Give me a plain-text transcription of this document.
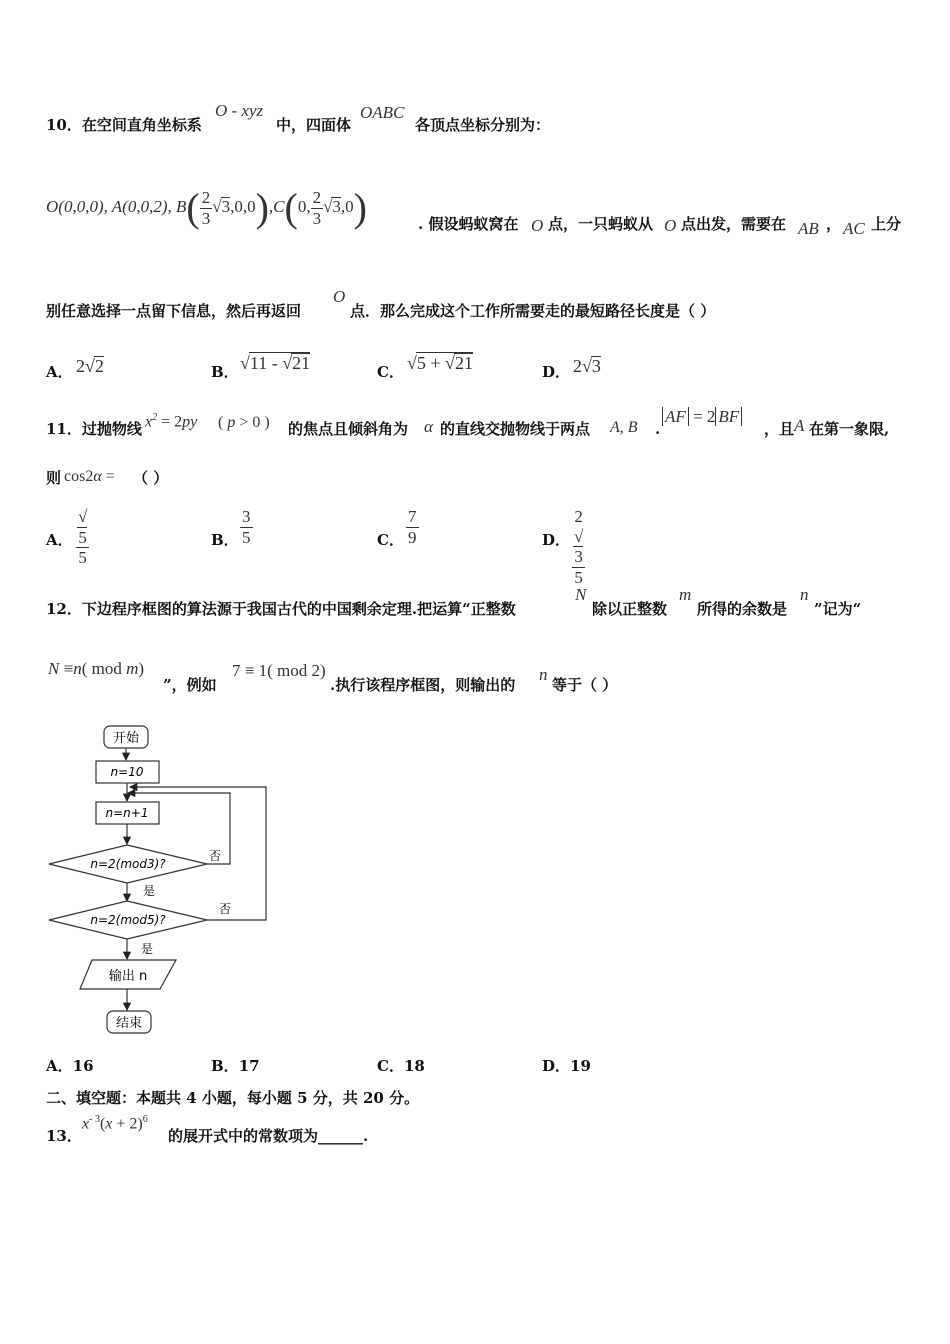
10．在空间直角坐标系
O - xyz
中，四面体
OABC
各顶点坐标分别为：
O(0,0,0), A(0,0,2), $B( \frac{2}{3} √3,0,0),C(0$, $\frac{2}{3} √3,0$)	. 假设蚂蚁窝在 O 点，一只蚂蚁从 O 点出发，需要在 AB ， AC 上分
别任意选择一点留下信息，然后再返回
O
点．那么完成这个工作所需要走的最短路径长度是（ ）
A． 2√2	B． √11 - √21	C． √5 + √21	D． 2√3
11．过抛物线 $x^2 = 2py$ ( p > 0 ) 的焦点且倾斜角为 α 的直线交抛物线于两点 A, B .
AF = 2 BF
，且 A 在第一象限,
则 cos2α = （ ）
A． √
5
5	B． $\frac{3}{5}$	C． $\frac{7}{9}$	D． 2
√
3
5
12．下边程序框图的算法源于我国古代的中国剩余定理.把运算“正整数
N
除以正整数
m
所得的余数是
n
”记为“
N ≡n( mod m)
”，例如
7 ≡ 1( mod 2)
.执行该程序框图，则输出的
n
等于（ ）
开始
n=10
n=n+1
n=2(mod3)?
否
是
n=2(mod5)?
否
是
输出 n
结束
A．16	B．17	C．18	D．19
二、填空题：本题共 4 小题，每小题 5 分，共 20 分。
13．
$x^{- 3}(x + 2)^6$
的展开式中的常数项为______.
